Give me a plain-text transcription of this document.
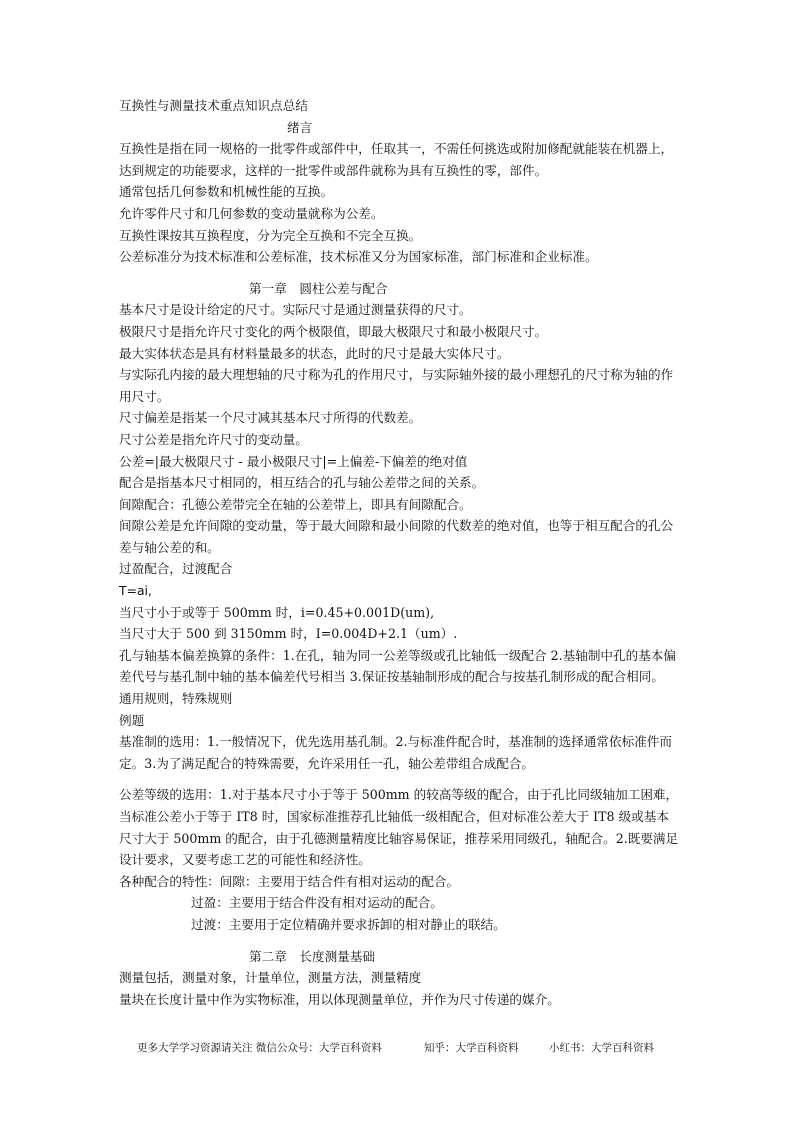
互换性与测量技术重点知识点总结

绪言

互换性是指在同一规格的一批零件或部件中，任取其一，不需任何挑选或附加修配就能装在机器上，达到规定的功能要求，这样的一批零件或部件就称为具有互换性的零，部件。

通常包括几何参数和机械性能的互换。

允许零件尺寸和几何参数的变动量就称为公差。

互换性课按其互换程度，分为完全互换和不完全互换。

公差标准分为技术标准和公差标准，技术标准又分为国家标准，部门标准和企业标准。

第一章　圆柱公差与配合

基本尺寸是设计给定的尺寸。实际尺寸是通过测量获得的尺寸。

极限尺寸是指允许尺寸变化的两个极限值，即最大极限尺寸和最小极限尺寸。

最大实体状态是具有材料量最多的状态，此时的尺寸是最大实体尺寸。

与实际孔内接的最大理想轴的尺寸称为孔的作用尺寸，与实际轴外接的最小理想孔的尺寸称为轴的作用尺寸。

尺寸偏差是指某一个尺寸减其基本尺寸所得的代数差。

尺寸公差是指允许尺寸的变动量。

公差=|最大极限尺寸 - 最小极限尺寸|=上偏差-下偏差的绝对值

配合是指基本尺寸相同的，相互结合的孔与轴公差带之间的关系。

间隙配合：孔德公差带完全在轴的公差带上，即具有间隙配合。

间隙公差是允许间隙的变动量，等于最大间隙和最小间隙的代数差的绝对值，也等于相互配合的孔公差与轴公差的和。

过盈配合，过渡配合

T=ai,

当尺寸小于或等于 500mm 时，i=0.45+0.001D(um),

当尺寸大于 500 到 3150mm 时，I=0.004D+2.1（um）.

孔与轴基本偏差换算的条件：1.在孔，轴为同一公差等级或孔比轴低一级配合 2.基轴制中孔的基本偏差代号与基孔制中轴的基本偏差代号相当 3.保证按基轴制形成的配合与按基孔制形成的配合相同。

通用规则，特殊规则

例题

基准制的选用：1.一般情况下，优先选用基孔制。2.与标准件配合时，基准制的选择通常依标准件而定。3.为了满足配合的特殊需要，允许采用任一孔，轴公差带组合成配合。

公差等级的选用：1.对于基本尺寸小于等于 500mm 的较高等级的配合，由于孔比同级轴加工困难，当标准公差小于等于 IT8 时，国家标准推荐孔比轴低一级相配合，但对标准公差大于 IT8 级或基本尺寸大于 500mm 的配合，由于孔德测量精度比轴容易保证，推荐采用同级孔，轴配合。2.既要满足设计要求，又要考虑工艺的可能性和经济性。

各种配合的特性：间隙：主要用于结合件有相对运动的配合。

过盈：主要用于结合件没有相对运动的配合。

过渡：主要用于定位精确并要求拆卸的相对静止的联结。

第二章　长度测量基础

测量包括，测量对象，计量单位，测量方法，测量精度

量块在长度计量中作为实物标准，用以体现测量单位，并作为尺寸传递的媒介。

更多大学学习资源请关注 微信公众号：大学百科资料	知乎：大学百科资料	小红书：大学百科资料
